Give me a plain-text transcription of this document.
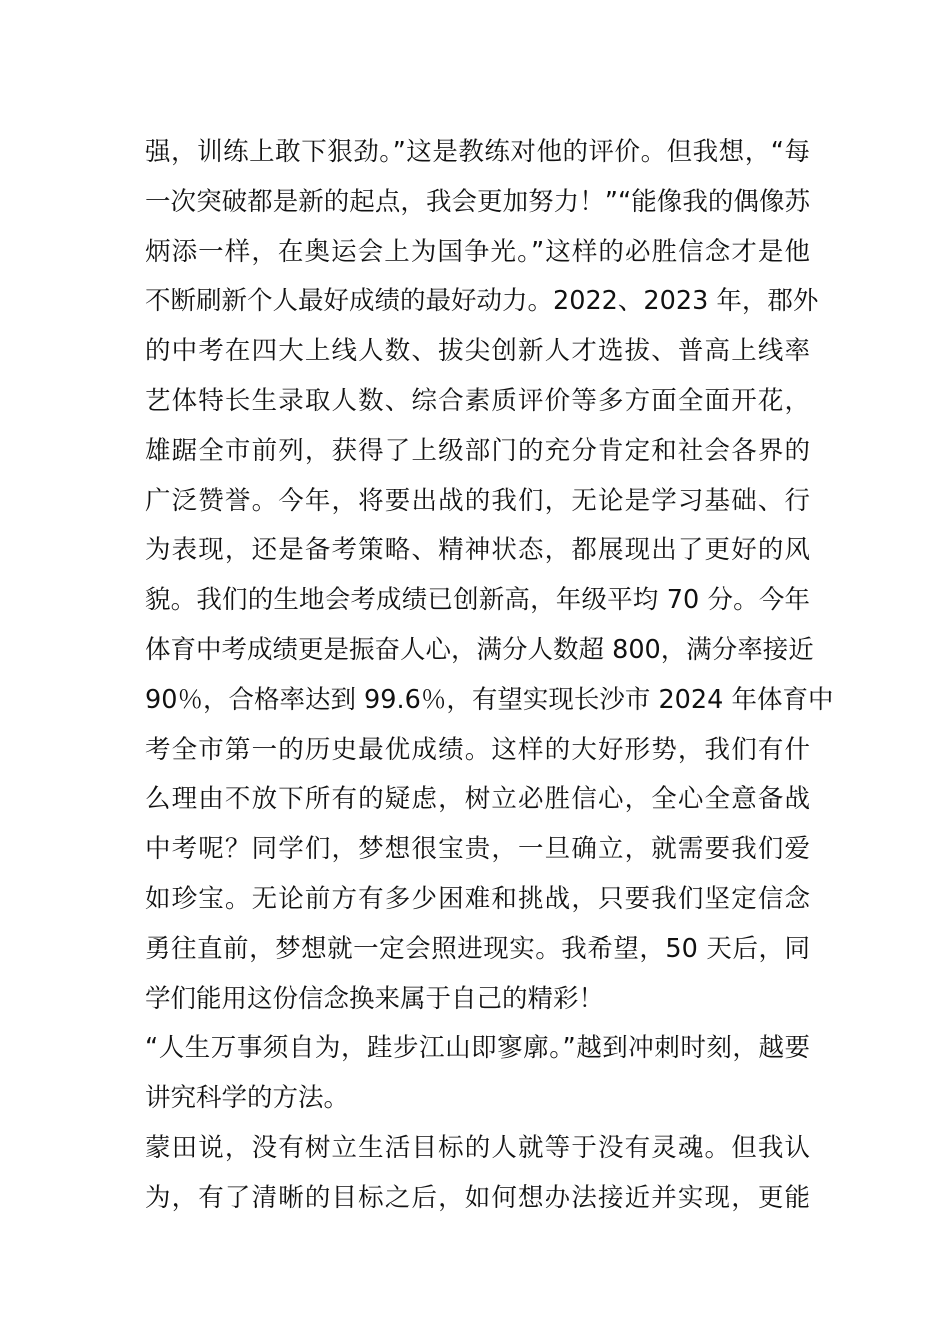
强，训练上敢下狠劲。”这是教练对他的评价。但我想，“每
一次突破都是新的起点，我会更加努力！”“能像我的偶像苏
炳添一样，在奥运会上为国争光。”这样的必胜信念才是他
不断刷新个人最好成绩的最好动力。2022、2023 年，郡外
的中考在四大上线人数、拔尖创新人才选拔、普高上线率
艺体特长生录取人数、综合素质评价等多方面全面开花，
雄踞全市前列，获得了上级部门的充分肯定和社会各界的
广泛赞誉。今年，将要出战的我们，无论是学习基础、行
为表现，还是备考策略、精神状态，都展现出了更好的风
貌。我们的生地会考成绩已创新高，年级平均 70 分。今年
体育中考成绩更是振奋人心，满分人数超 800，满分率接近
90％，合格率达到 99.6％，有望实现长沙市 2024 年体育中
考全市第一的历史最优成绩。这样的大好形势，我们有什
么理由不放下所有的疑虑，树立必胜信心，全心全意备战
中考呢？同学们，梦想很宝贵，一旦确立，就需要我们爱
如珍宝。无论前方有多少困难和挑战，只要我们坚定信念
勇往直前，梦想就一定会照进现实。我希望，50 天后，同
学们能用这份信念换来属于自己的精彩！
“人生万事须自为，跬步江山即寥廓。”越到冲刺时刻，越要
讲究科学的方法。
蒙田说，没有树立生活目标的人就等于没有灵魂。但我认
为，有了清晰的目标之后，如何想办法接近并实现，更能
